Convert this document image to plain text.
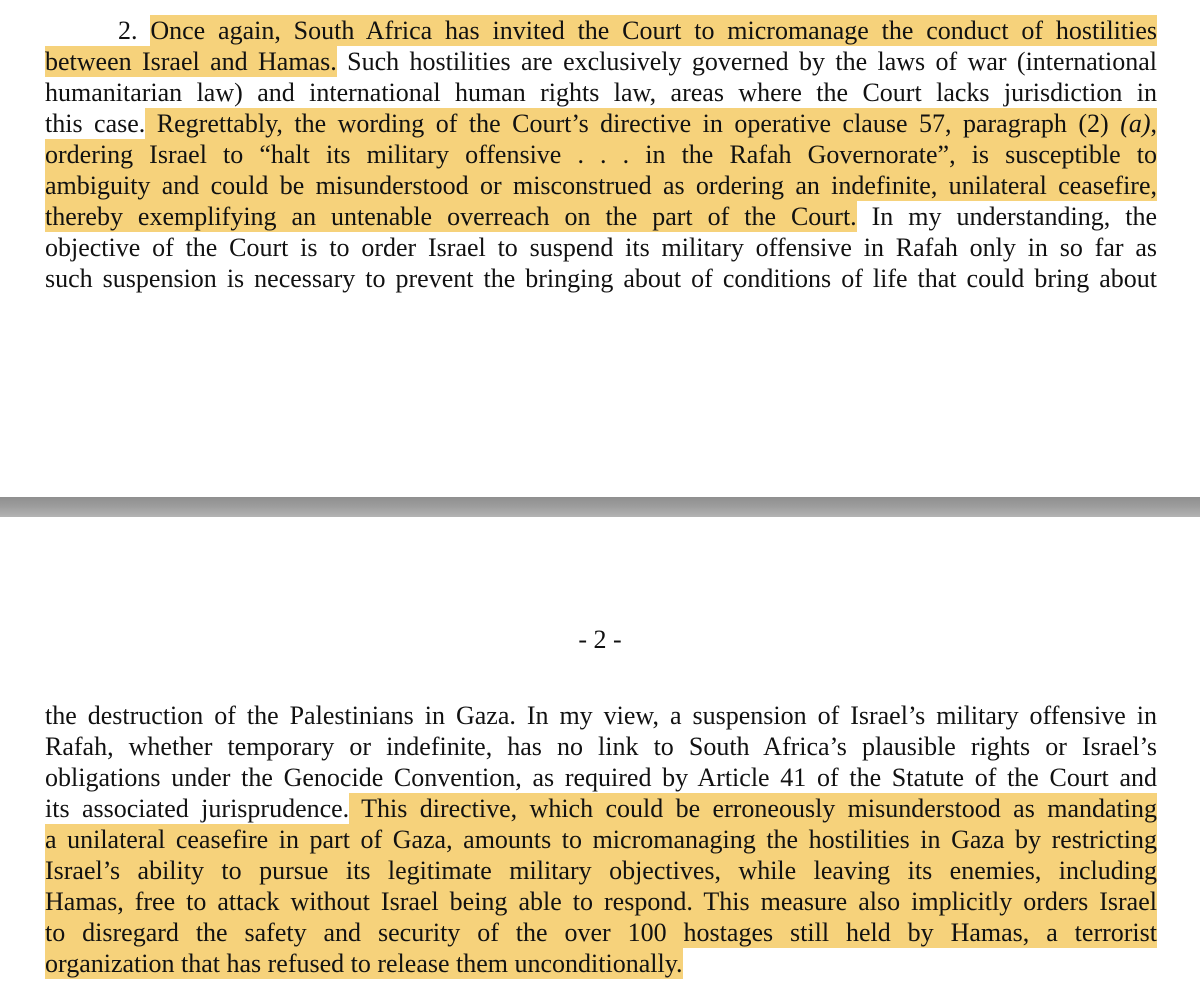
2. Once again, South Africa has invited the Court to micromanage the conduct of hostilities
between Israel and Hamas. Such hostilities are exclusively governed by the laws of war (international
humanitarian law) and international human rights law, areas where the Court lacks jurisdiction in
this case. Regrettably, the wording of the Court’s directive in operative clause 57, paragraph (2) (a),
ordering Israel to “halt its military offensive . . . in the Rafah Governorate”, is susceptible to
ambiguity and could be misunderstood or misconstrued as ordering an indefinite, unilateral ceasefire,
thereby exemplifying an untenable overreach on the part of the Court. In my understanding, the
objective of the Court is to order Israel to suspend its military offensive in Rafah only in so far as
such suspension is necessary to prevent the bringing about of conditions of life that could bring about
- 2 -
the destruction of the Palestinians in Gaza. In my view, a suspension of Israel’s military offensive in
Rafah, whether temporary or indefinite, has no link to South Africa’s plausible rights or Israel’s
obligations under the Genocide Convention, as required by Article 41 of the Statute of the Court and
its associated jurisprudence. This directive, which could be erroneously misunderstood as mandating
a unilateral ceasefire in part of Gaza, amounts to micromanaging the hostilities in Gaza by restricting
Israel’s ability to pursue its legitimate military objectives, while leaving its enemies, including
Hamas, free to attack without Israel being able to respond. This measure also implicitly orders Israel
to disregard the safety and security of the over 100 hostages still held by Hamas, a terrorist
organization that has refused to release them unconditionally.
